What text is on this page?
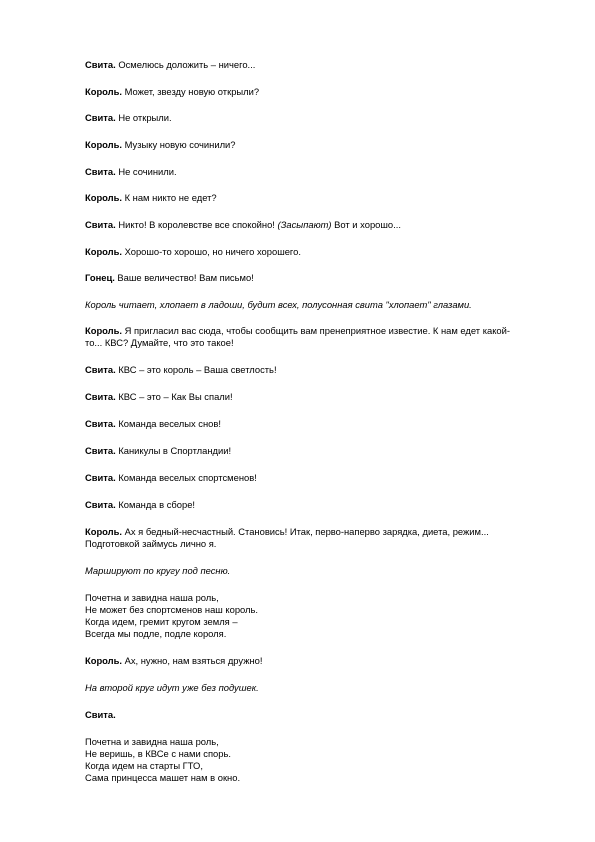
Свита. Осмелюсь доложить – ничего...
Король. Может, звезду новую открыли?
Свита. Не открыли.
Король. Музыку новую сочинили?
Свита. Не сочинили.
Король. К нам никто не едет?
Свита. Никто! В королевстве все спокойно! (Засыпают) Вот и хорошо...
Король. Хорошо-то хорошо, но ничего хорошего.
Гонец. Ваше величество! Вам письмо!
Король читает, хлопает в ладоши, будит всех, полусонная свита "хлопает" глазами.
Король. Я пригласил вас сюда, чтобы сообщить вам пренеприятное известие. К нам едет какой-
то... КВС? Думайте, что это такое!
Свита. КВС – это король – Ваша светлость!
Свита. КВС – это – Как Вы спали!
Свита. Команда веселых снов!
Свита. Каникулы в Спортландии!
Свита. Команда веселых спортсменов!
Свита. Команда в сборе!
Король. Ах я бедный-несчастный. Становись! Итак, перво-наперво зарядка, диета, режим...
Подготовкой займусь лично я.
Маршируют по кругу под песню.
Почетна и завидна наша роль,
Не может без спортсменов наш король.
Когда идем, гремит кругом земля –
Всегда мы подле, подле короля.
Король. Ах, нужно, нам взяться дружно!
На второй круг идут уже без подушек.
Свита.
Почетна и завидна наша роль,
Не веришь, в КВСе с нами спорь.
Когда идем на старты ГТО,
Сама принцесса машет нам в окно.
